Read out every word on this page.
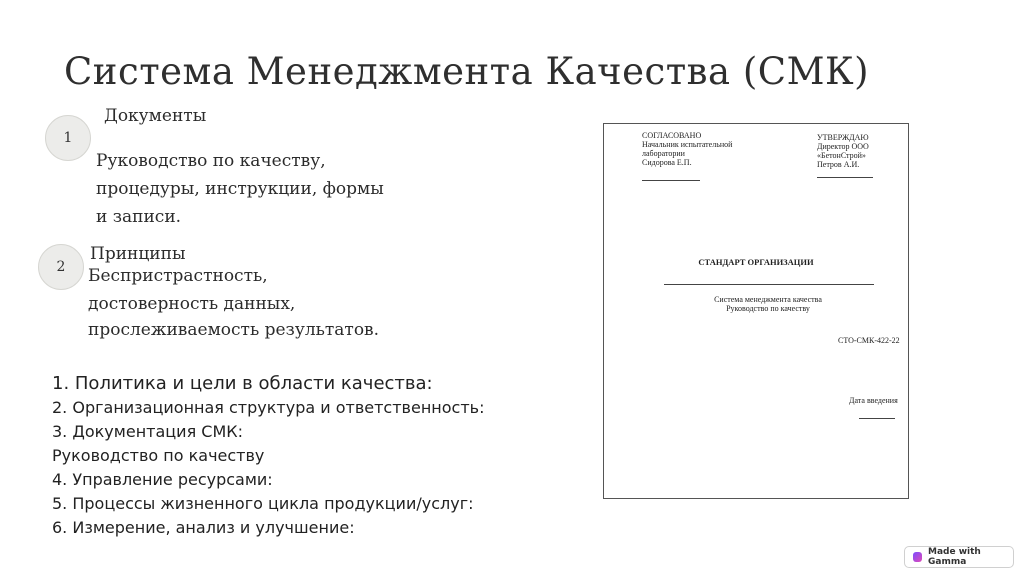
Система Менеджмента Качества (СМК)
1
Документы
Руководство по качеству,
процедуры, инструкции, формы
и записи.
2
Принципы
Беспристрастность,
достоверность данных,
прослеживаемость результатов.
1. Политика и цели в области качества:
2. Организационная структура и ответственность:
3. Документация СМК:
Руководство по качеству
4. Управление ресурсами:
5. Процессы жизненного цикла продукции/услуг:
6. Измерение, анализ и улучшение:
СОГЛАСОВАНО
Начальник испытательной
лаборатории
Сидорова Е.П.
УТВЕРЖДАЮ
Директор ООО
«БетонСтрой»
Петров А.И.
СТАНДАРТ ОРГАНИЗАЦИИ
Система менеджмента качества
Руководство по качеству
СТО-СМК-422-22
Дата введения
Made with Gamma
